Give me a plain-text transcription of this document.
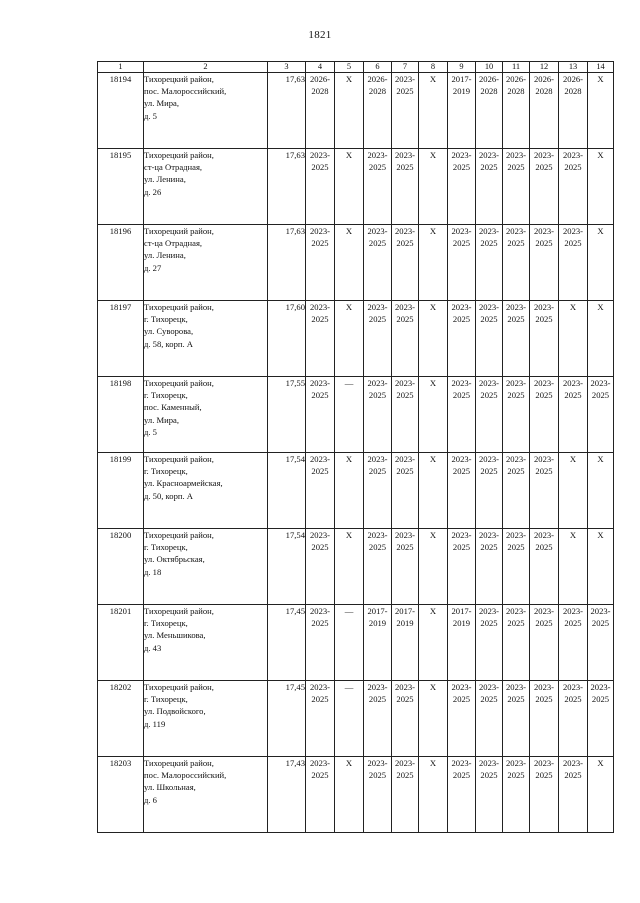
1821
1	2	3	4	5	6	7	8	9	10	11	12	13	14
18194	Тихорецкий район,
пос. Малороссийский,
ул. Мира,
д. 5	17,63	2026-
2028	X	2026-
2028	2023-
2025	X	2017-
2019	2026-
2028	2026-
2028	2026-
2028	2026-
2028	X

18195	Тихорецкий район,
ст-ца Отрадная,
ул. Ленина,
д. 26	17,63	2023-
2025	X	2023-
2025	2023-
2025	X	2023-
2025	2023-
2025	2023-
2025	2023-
2025	2023-
2025	X

18196	Тихорецкий район,
ст-ца Отрадная,
ул. Ленина,
д. 27	17,63	2023-
2025	X	2023-
2025	2023-
2025	X	2023-
2025	2023-
2025	2023-
2025	2023-
2025	2023-
2025	X

18197	Тихорецкий район,
г. Тихорецк,
ул. Суворова,
д. 58, корп. А	17,60	2023-
2025	X	2023-
2025	2023-
2025	X	2023-
2025	2023-
2025	2023-
2025	2023-
2025	X	X

18198	Тихорецкий район,
г. Тихорецк,
пос. Каменный,
ул. Мира,
д. 5	17,55	2023-
2025	—	2023-
2025	2023-
2025	X	2023-
2025	2023-
2025	2023-
2025	2023-
2025	2023-
2025	2023-
2025

18199	Тихорецкий район,
г. Тихорецк,
ул. Красноармейская,
д. 50, корп. А	17,54	2023-
2025	X	2023-
2025	2023-
2025	X	2023-
2025	2023-
2025	2023-
2025	2023-
2025	X	X

18200	Тихорецкий район,
г. Тихорецк,
ул. Октябрьская,
д. 18	17,54	2023-
2025	X	2023-
2025	2023-
2025	X	2023-
2025	2023-
2025	2023-
2025	2023-
2025	X	X

18201	Тихорецкий район,
г. Тихорецк,
ул. Меньшикова,
д. 43	17,45	2023-
2025	—	2017-
2019	2017-
2019	X	2017-
2019	2023-
2025	2023-
2025	2023-
2025	2023-
2025	2023-
2025

18202	Тихорецкий район,
г. Тихорецк,
ул. Подвойского,
д. 119	17,45	2023-
2025	—	2023-
2025	2023-
2025	X	2023-
2025	2023-
2025	2023-
2025	2023-
2025	2023-
2025	2023-
2025

18203	Тихорецкий район,
пос. Малороссийский,
ул. Школьная,
д. 6	17,43	2023-
2025	X	2023-
2025	2023-
2025	X	2023-
2025	2023-
2025	2023-
2025	2023-
2025	2023-
2025	X
